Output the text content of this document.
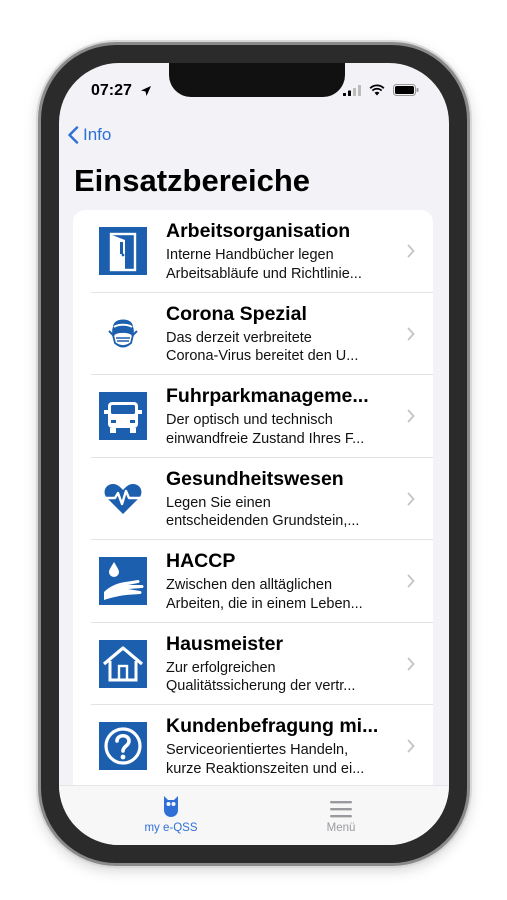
07:27
Info
Einsatzbereiche
Arbeitsorganisation
Interne Handbücher legen
Arbeitsabläufe und Richtlinie...
Corona Spezial
Das derzeit verbreitete
Corona-Virus bereitet den U...
Fuhrparkmanageme...
Der optisch und technisch
einwandfreie Zustand Ihres F...
Gesundheitswesen
Legen Sie einen
entscheidenden Grundstein,...
HACCP
Zwischen den alltäglichen
Arbeiten, die in einem Leben...
Hausmeister
Zur erfolgreichen
Qualitätssicherung der vertr...
Kundenbefragung mi...
Serviceorientiertes Handeln,
kurze Reaktionszeiten und ei...
my e-QSS	Menü
